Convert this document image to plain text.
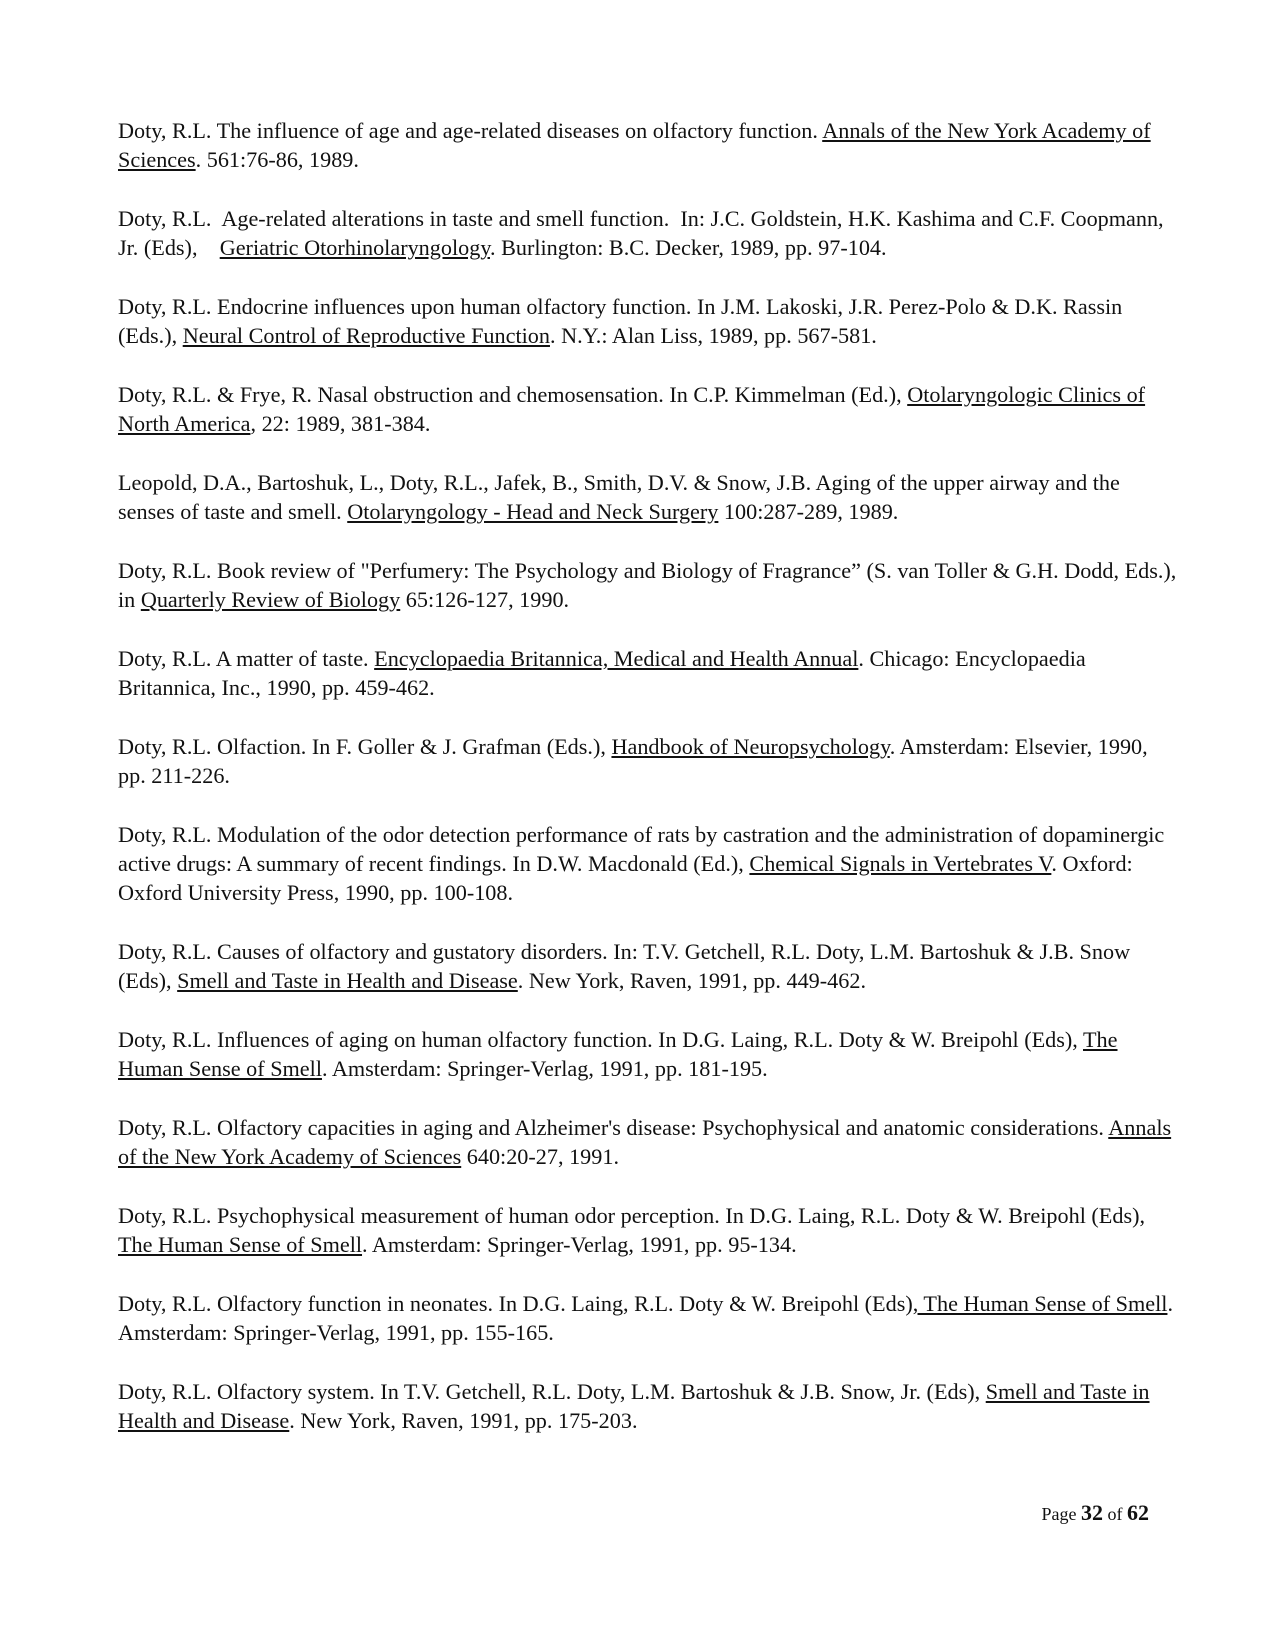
Doty, R.L. The influence of age and age-related diseases on olfactory function. Annals of the New York Academy of Sciences. 561:76-86, 1989.

Doty, R.L.  Age-related alterations in taste and smell function.  In: J.C. Goldstein, H.K. Kashima and C.F. Coopmann, Jr. (Eds),    Geriatric Otorhinolaryngology. Burlington: B.C. Decker, 1989, pp. 97-104.

Doty, R.L. Endocrine influences upon human olfactory function. In J.M. Lakoski, J.R. Perez-Polo & D.K. Rassin (Eds.), Neural Control of Reproductive Function. N.Y.: Alan Liss, 1989, pp. 567-581.

Doty, R.L. & Frye, R. Nasal obstruction and chemosensation. In C.P. Kimmelman (Ed.), Otolaryngologic Clinics of North America, 22: 1989, 381-384.

Leopold, D.A., Bartoshuk, L., Doty, R.L., Jafek, B., Smith, D.V. & Snow, J.B. Aging of the upper airway and the senses of taste and smell. Otolaryngology - Head and Neck Surgery 100:287-289, 1989.

Doty, R.L. Book review of "Perfumery: The Psychology and Biology of Fragrance” (S. van Toller & G.H. Dodd, Eds.), in Quarterly Review of Biology 65:126-127, 1990.

Doty, R.L. A matter of taste. Encyclopaedia Britannica, Medical and Health Annual. Chicago: Encyclopaedia Britannica, Inc., 1990, pp. 459-462.

Doty, R.L. Olfaction. In F. Goller & J. Grafman (Eds.), Handbook of Neuropsychology. Amsterdam: Elsevier, 1990, pp. 211-226.

Doty, R.L. Modulation of the odor detection performance of rats by castration and the administration of dopaminergic active drugs: A summary of recent findings. In D.W. Macdonald (Ed.), Chemical Signals in Vertebrates V. Oxford: Oxford University Press, 1990, pp. 100-108.

Doty, R.L. Causes of olfactory and gustatory disorders. In: T.V. Getchell, R.L. Doty, L.M. Bartoshuk & J.B. Snow (Eds), Smell and Taste in Health and Disease. New York, Raven, 1991, pp. 449-462.

Doty, R.L. Influences of aging on human olfactory function. In D.G. Laing, R.L. Doty & W. Breipohl (Eds), The Human Sense of Smell. Amsterdam: Springer-Verlag, 1991, pp. 181-195.

Doty, R.L. Olfactory capacities in aging and Alzheimer's disease: Psychophysical and anatomic considerations. Annals of the New York Academy of Sciences 640:20-27, 1991.

Doty, R.L. Psychophysical measurement of human odor perception. In D.G. Laing, R.L. Doty & W. Breipohl (Eds), The Human Sense of Smell. Amsterdam: Springer-Verlag, 1991, pp. 95-134.

Doty, R.L. Olfactory function in neonates. In D.G. Laing, R.L. Doty & W. Breipohl (Eds), The Human Sense of Smell. Amsterdam: Springer-Verlag, 1991, pp. 155-165.

Doty, R.L. Olfactory system. In T.V. Getchell, R.L. Doty, L.M. Bartoshuk & J.B. Snow, Jr. (Eds), Smell and Taste in Health and Disease. New York, Raven, 1991, pp. 175-203.

Page 32 of 62
